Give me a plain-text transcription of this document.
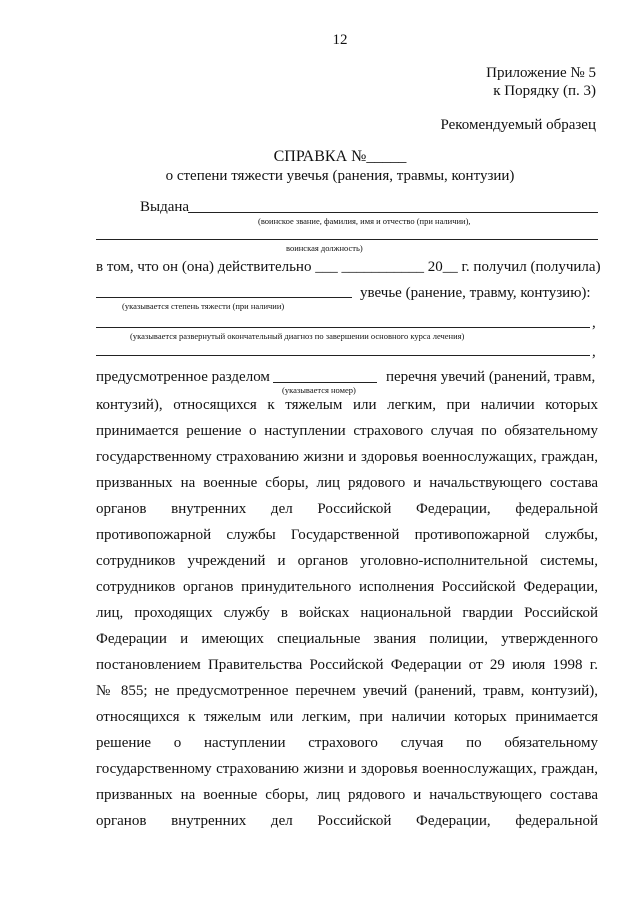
12
Приложение № 5
к Порядку (п. 3)
Рекомендуемый образец
СПРАВКА №_____
о степени тяжести увечья (ранения, травмы, контузии)
Выдана
(воинское звание, фамилия, имя и отчество (при наличии),
воинская должность)
в том, что он (она) действительно ___ ___________ 20__ г. получил (получила)
увечье (ранение, травму, контузию):
(указывается степень тяжести (при наличии)
,
(указывается развернутый окончательный диагноз по завершении основного курса лечения)
,
предусмотренное разделом	перечня увечий (ранений, травм,
(указывается номер)
контузий), относящихся к тяжелым или легким, при наличии которых
принимается решение о наступлении страхового случая по обязательному
государственному страхованию жизни и здоровья военнослужащих, граждан,
призванных на военные сборы, лиц рядового и начальствующего состава
органов внутренних дел Российской Федерации, федеральной
противопожарной службы Государственной противопожарной службы,
сотрудников учреждений и органов уголовно-исполнительной системы,
сотрудников органов принудительного исполнения Российской Федерации,
лиц, проходящих службу в войсках национальной гвардии Российской
Федерации и имеющих специальные звания полиции, утвержденного
постановлением Правительства Российской Федерации от 29 июля 1998 г.
№ 855; не предусмотренное перечнем увечий (ранений, травм, контузий),
относящихся к тяжелым или легким, при наличии которых принимается
решение о наступлении страхового случая по обязательному
государственному страхованию жизни и здоровья военнослужащих, граждан,
призванных на военные сборы, лиц рядового и начальствующего состава
органов внутренних дел Российской Федерации, федеральной
